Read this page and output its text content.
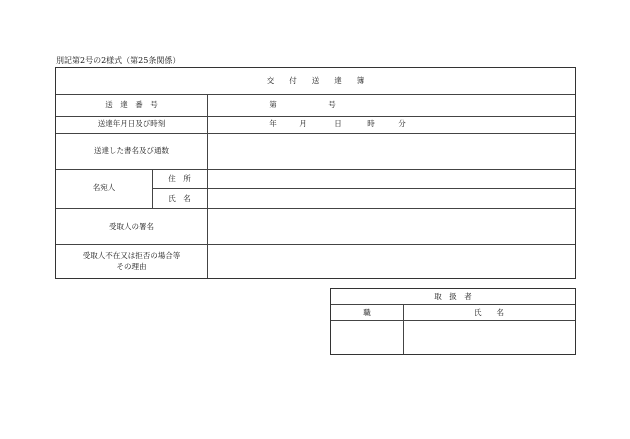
別記第2号の2様式（第25条関係）
交　　付　　送　　達　　簿
送　達　番　号	第	号
送達年月日及び時刻	年	月	日	時	分
送達した書名及び通数
名宛人
住　所
氏　名
受取人の署名
受取人不在又は拒否の場合等
その理由
取　扱　者
職	氏　　名
